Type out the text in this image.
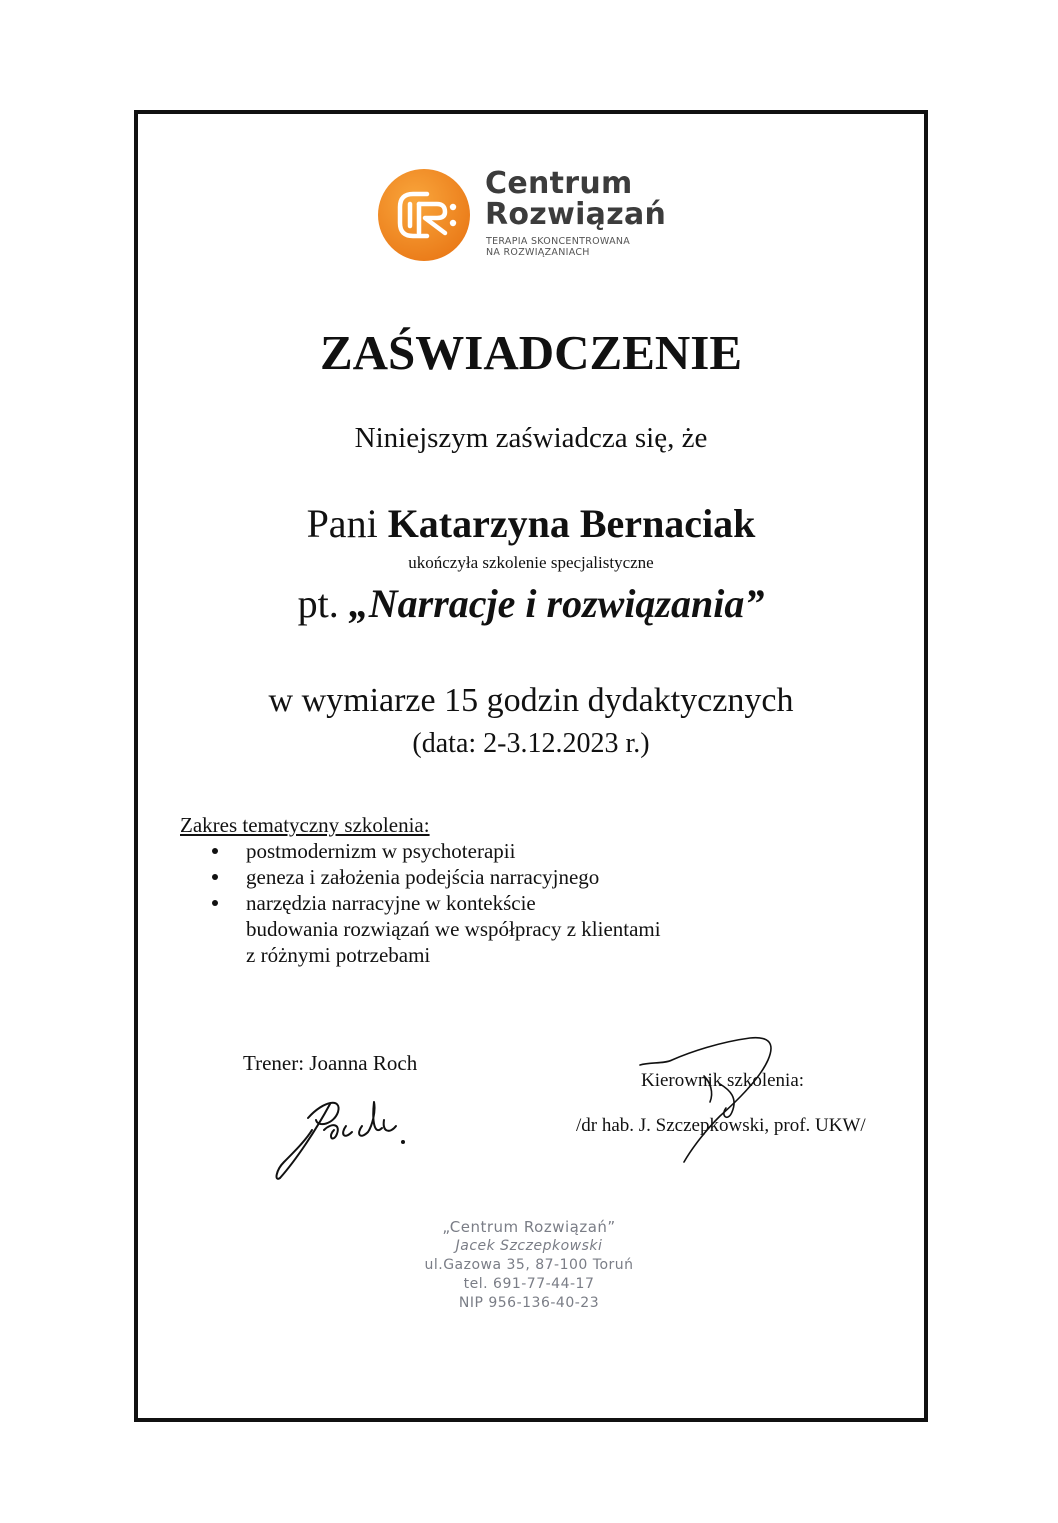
Centrum
Rozwiązań
TERAPIA SKONCENTROWANA
NA ROZWIĄZANIACH
ZAŚWIADCZENIE
Niniejszym zaświadcza się, że
Pani Katarzyna Bernaciak
ukończyła szkolenie specjalistyczne
pt. „Narracje i rozwiązania”
w wymiarze 15 godzin dydaktycznych
(data: 2-3.12.2023 r.)
Zakres tematyczny szkolenia:
postmodernizm w psychoterapii
geneza i założenia podejścia narracyjnego
narzędzia narracyjne w kontekście
budowania rozwiązań we współpracy z klientami
z różnymi potrzebami
Trener: Joanna Roch
Kierownik szkolenia:
/dr hab. J. Szczepkowski, prof. UKW/
„Centrum Rozwiązań”
Jacek Szczepkowski
ul.Gazowa 35, 87-100 Toruń
tel. 691-77-44-17
NIP 956-136-40-23
